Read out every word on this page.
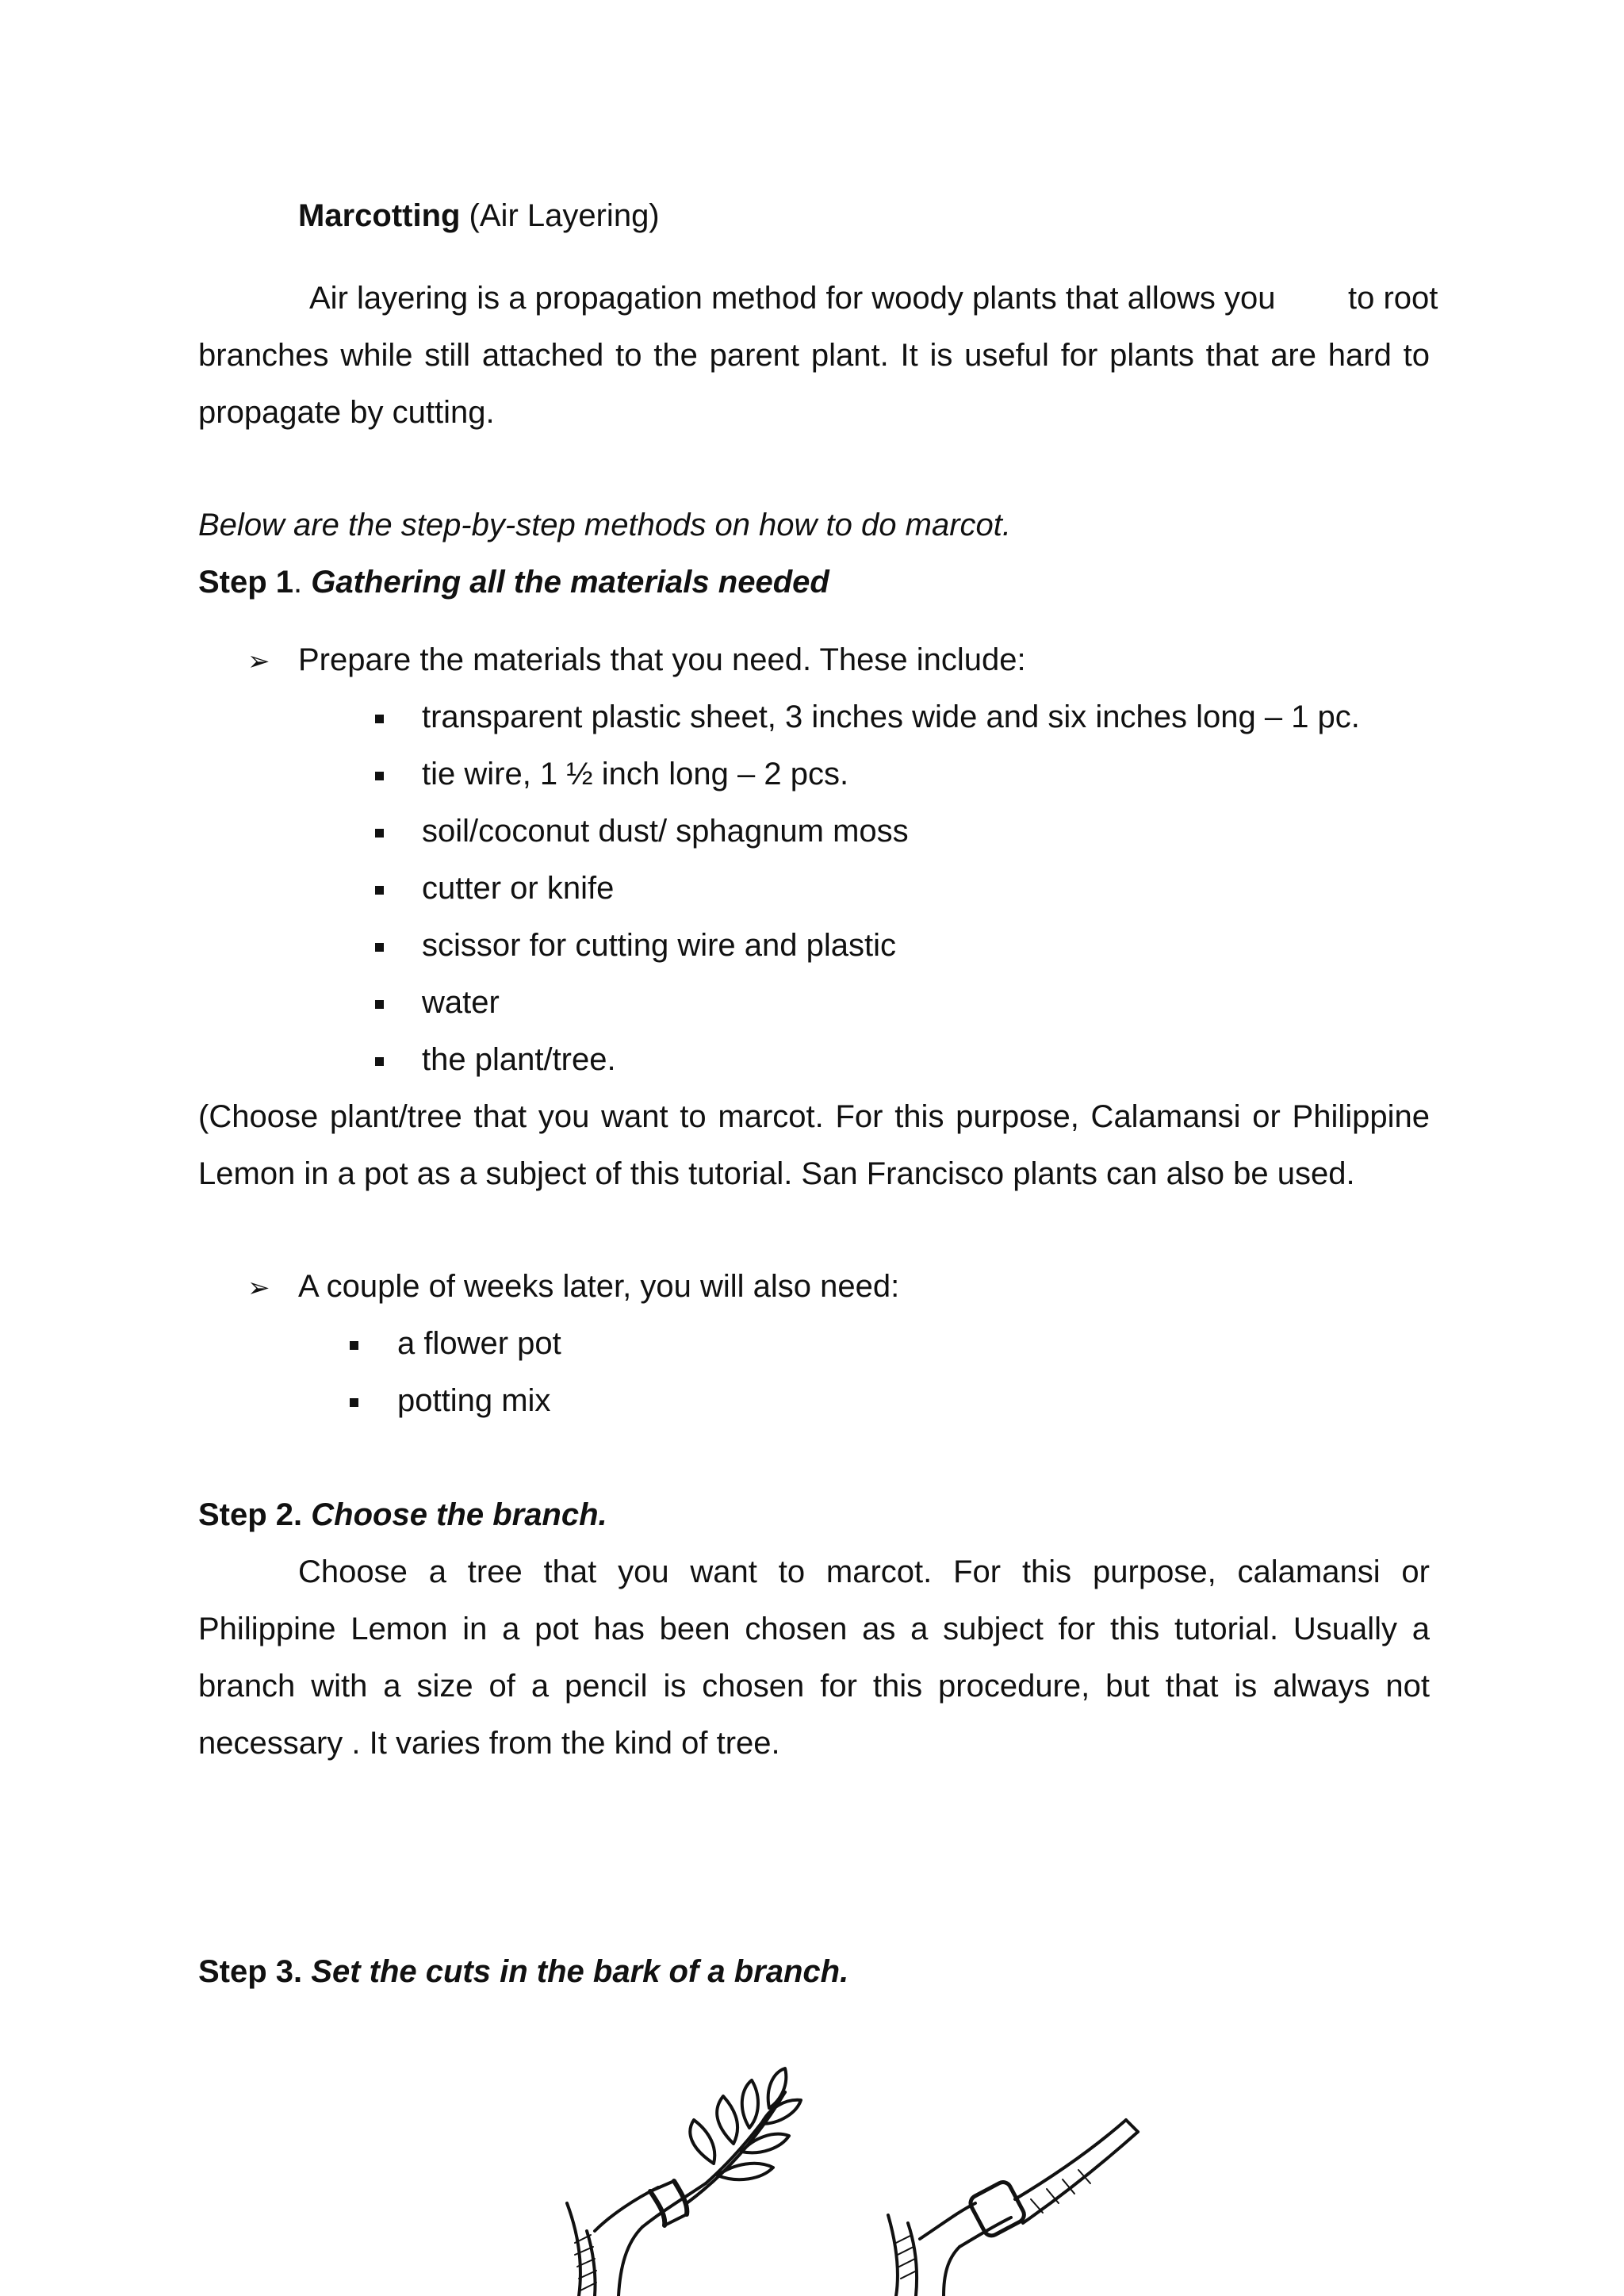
Marcotting (Air Layering)
Air layering is a propagation method for woody plants that allows you to root
branches while still attached to the parent plant. It is useful for plants that are hard to
propagate by cutting.
Below are the step-by-step methods on how to do marcot.
Step 1. Gathering all the materials needed
➢ Prepare the materials that you need. These include:
transparent plastic sheet, 3 inches wide and six inches long – 1 pc.
tie wire, 1 ½ inch long – 2 pcs.
soil/coconut dust/ sphagnum moss
cutter or knife
scissor for cutting wire and plastic
water
the plant/tree.
(Choose plant/tree that you want to marcot. For this purpose, Calamansi or Philippine
Lemon in a pot as a subject of this tutorial. San Francisco plants can also be used.
➢ A couple of weeks later, you will also need:
a flower pot
potting mix
Step 2. Choose the branch.
Choose a tree that you want to marcot. For this purpose, calamansi or
Philippine Lemon in a pot has been chosen as a subject for this tutorial. Usually a
branch with a size of a pencil is chosen for this procedure, but that is always not
necessary . It varies from the kind of tree.
Step 3. Set the cuts in the bark of a branch.
